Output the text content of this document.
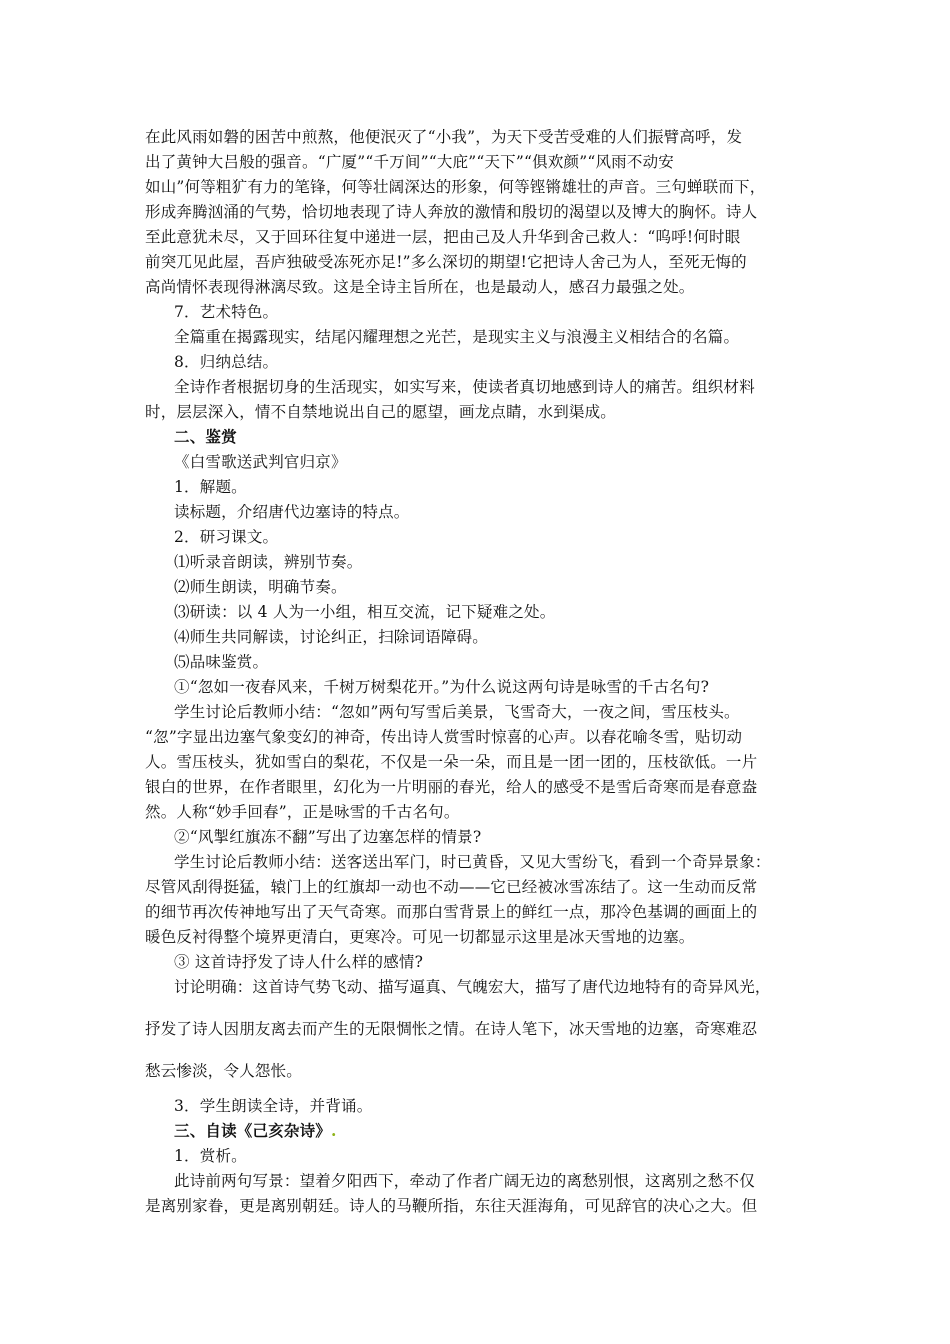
在此风雨如磐的困苦中煎熬，他便泯灭了“小我”，为天下受苦受难的人们振臂高呼，发
出了黄钟大吕般的强音。“广厦”“千万间”“大庇”“天下”“俱欢颜”“风雨不动安
如山”何等粗犷有力的笔锋，何等壮阔深达的形象，何等铿锵雄壮的声音。三句蝉联而下，
形成奔腾汹涌的气势，恰切地表现了诗人奔放的激情和殷切的渴望以及博大的胸怀。诗人
至此意犹未尽，又于回环往复中递进一层，把由己及人升华到舍己救人：“呜呼!何时眼
前突兀见此屋，吾庐独破受冻死亦足!”多么深切的期望!它把诗人舍己为人，至死无悔的
高尚情怀表现得淋漓尽致。这是全诗主旨所在，也是最动人，感召力最强之处。
7．艺术特色。
全篇重在揭露现实，结尾闪耀理想之光芒，是现实主义与浪漫主义相结合的名篇。
8．归纳总结。
全诗作者根据切身的生活现实，如实写来，使读者真切地感到诗人的痛苦。组织材料
时，层层深入，情不自禁地说出自己的愿望，画龙点睛，水到渠成。
二、鉴赏
《白雪歌送武判官归京》
1．解题。
读标题，介绍唐代边塞诗的特点。
2．研习课文。
⑴听录音朗读，辨别节奏。
⑵师生朗读，明确节奏。
⑶研读：以 4 人为一小组，相互交流，记下疑难之处。
⑷师生共同解读，讨论纠正，扫除词语障碍。
⑸品味鉴赏。
①“忽如一夜春风来，千树万树梨花开。”为什么说这两句诗是咏雪的千古名句?
学生讨论后教师小结：“忽如”两句写雪后美景，飞雪奇大，一夜之间，雪压枝头。
“忽”字显出边塞气象变幻的神奇，传出诗人赏雪时惊喜的心声。以春花喻冬雪，贴切动
人。雪压枝头，犹如雪白的梨花，不仅是一朵一朵，而且是一团一团的，压枝欲低。一片
银白的世界，在作者眼里，幻化为一片明丽的春光，给人的感受不是雪后奇寒而是春意盎
然。人称“妙手回春”，正是咏雪的千古名句。
②“风掣红旗冻不翻”写出了边塞怎样的情景?
学生讨论后教师小结：送客送出军门，时已黄昏，又见大雪纷飞，看到一个奇异景象：
尽管风刮得挺猛，辕门上的红旗却一动也不动——它已经被冰雪冻结了。这一生动而反常
的细节再次传神地写出了天气奇寒。而那白雪背景上的鲜红一点，那冷色基调的画面上的
暖色反衬得整个境界更清白，更寒冷。可见一切都显示这里是冰天雪地的边塞。
③ 这首诗抒发了诗人什么样的感情?
讨论明确：这首诗气势飞动、描写逼真、气魄宏大，描写了唐代边地特有的奇异风光，
抒发了诗人因朋友离去而产生的无限惆怅之情。在诗人笔下，冰天雪地的边塞，奇寒难忍
愁云惨淡，令人怨怅。
3．学生朗读全诗，并背诵。
三、自读《己亥杂诗》.
1．赏析。
此诗前两句写景：望着夕阳西下，牵动了作者广阔无边的离愁别恨，这离别之愁不仅
是离别家眷，更是离别朝廷。诗人的马鞭所指，东往天涯海角，可见辞官的决心之大。但
